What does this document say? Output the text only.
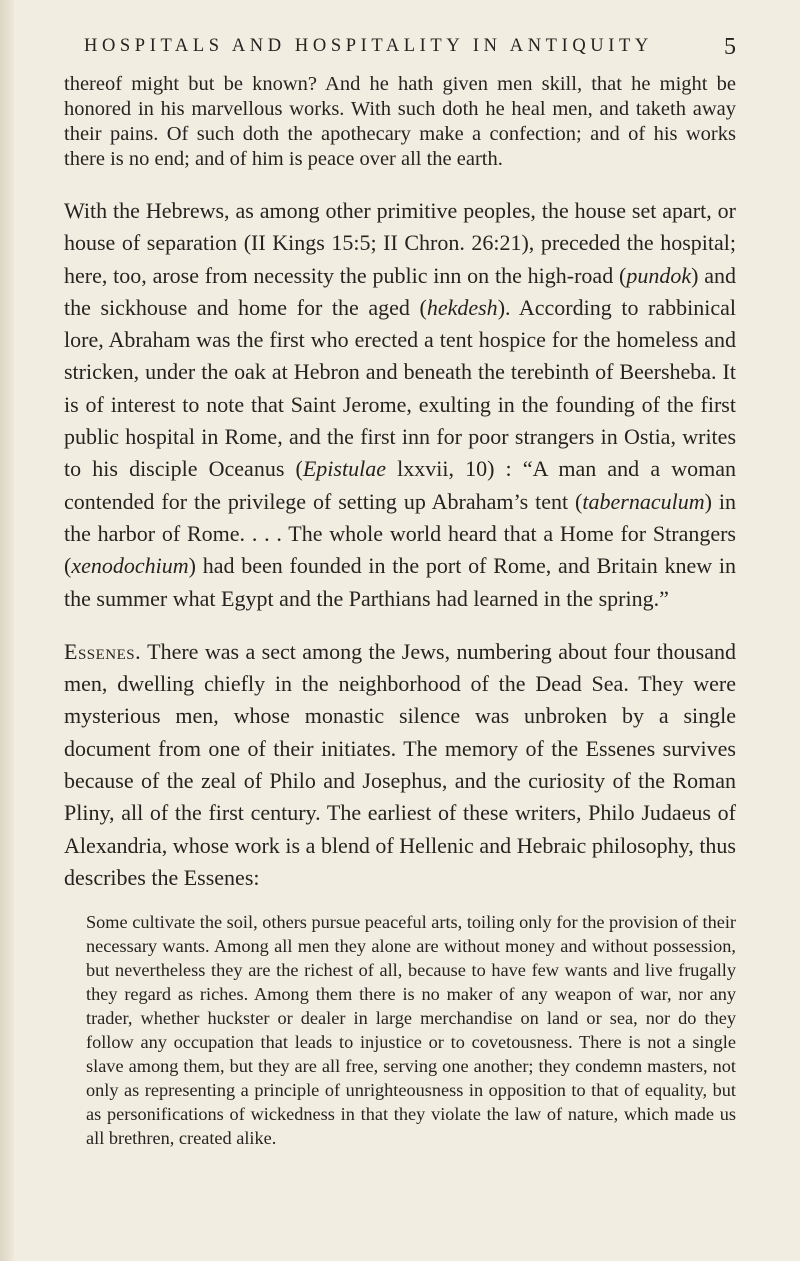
HOSPITALS AND HOSPITALITY IN ANTIQUITY	5

thereof might but be known? And he hath given men skill, that he might be honored in his marvellous works. With such doth he heal men, and taketh away their pains. Of such doth the apothecary make a confection; and of his works there is no end; and of him is peace over all the earth.

With the Hebrews, as among other primitive peoples, the house set apart, or house of separation (II Kings 15:5; II Chron. 26:21), preceded the hospital; here, too, arose from necessity the public inn on the high-road (pundok) and the sickhouse and home for the aged (hekdesh). According to rabbinical lore, Abraham was the first who erected a tent hospice for the homeless and stricken, under the oak at Hebron and beneath the terebinth of Beersheba. It is of interest to note that Saint Jerome, exulting in the founding of the first public hospital in Rome, and the first inn for poor strangers in Ostia, writes to his disciple Oceanus (Epistulae lxxvii, 10) : “A man and a woman contended for the privilege of setting up Abraham’s tent (tabernaculum) in the harbor of Rome. . . . The whole world heard that a Home for Strangers (xenodochium) had been founded in the port of Rome, and Britain knew in the summer what Egypt and the Parthians had learned in the spring.”

Essenes. There was a sect among the Jews, numbering about four thousand men, dwelling chiefly in the neighborhood of the Dead Sea. They were mysterious men, whose monastic silence was unbroken by a single document from one of their initiates. The memory of the Essenes survives because of the zeal of Philo and Josephus, and the curiosity of the Roman Pliny, all of the first century. The earliest of these writers, Philo Judaeus of Alexandria, whose work is a blend of Hellenic and Hebraic philosophy, thus describes the Essenes:

Some cultivate the soil, others pursue peaceful arts, toiling only for the provision of their necessary wants. Among all men they alone are without money and without possession, but nevertheless they are the richest of all, because to have few wants and live frugally they regard as riches. Among them there is no maker of any weapon of war, nor any trader, whether huckster or dealer in large merchandise on land or sea, nor do they follow any occupation that leads to injustice or to covetousness. There is not a single slave among them, but they are all free, serving one another; they condemn masters, not only as representing a principle of unrighteousness in opposition to that of equality, but as personifications of wickedness in that they violate the law of nature, which made us all brethren, created alike.
